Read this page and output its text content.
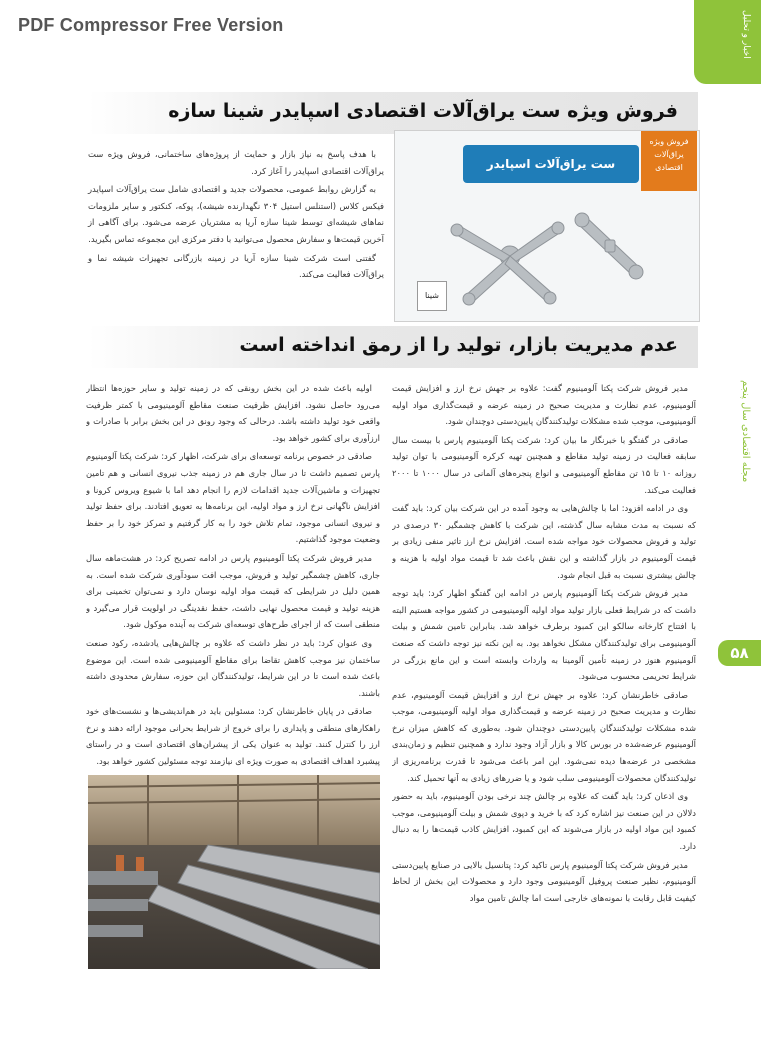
PDF Compressor Free Version	اخبار و تحلیل
مجله اقتصادی سال پنجم
۵۸
فروش ویژه ست یراق‌آلات اقتصادی اسپایدر شینا سازه

با هدف پاسخ به نیاز بازار و حمایت از پروژه‌های ساختمانی، فروش ویژه ست یراق‌آلات اقتصادی اسپایدر را آغاز کرد.

به گزارش روابط عمومی، محصولات جدید و اقتصادی شامل ست یراق‌آلات اسپایدر فیکس کلاس (استنلس استیل ۳۰۴ نگهدارنده شیشه)، پوکه، کنکتور و سایر ملزومات نماهای شیشه‌ای توسط شینا سازه آریا به مشتریان عرضه می‌شود. برای آگاهی از آخرین قیمت‌ها و سفارش محصول می‌توانید با دفتر مرکزی این مجموعه تماس بگیرید.

گفتنی است شرکت شینا سازه آریا در زمینه بازرگانی تجهیزات شیشه نما و یراق‌آلات فعالیت می‌کند.

ست یراق‌آلات اسپایدر
فروش ویژه یراق‌آلات اقتصادی
شینا
عدم مدیریت بازار، تولید را از رمق انداخته است

مدیر فروش شرکت پکتا آلومینیوم گفت: علاوه بر جهش نرخ ارز و افزایش قیمت آلومینیوم، عدم نظارت و مدیریت صحیح در زمینه عرضه و قیمت‌گذاری مواد اولیه آلومینیومی، موجب شده مشکلات تولیدکنندگان پایین‌دستی دوچندان شود.

صادقی در گفتگو با خبرنگار ما بیان کرد: شرکت پکتا آلومینیوم پارس با بیست سال سابقه فعالیت در زمینه تولید مقاطع و همچنین تهیه کرکره آلومینیومی با توان تولید روزانه ۱۰ تا ۱۵ تن مقاطع آلومینیومی و انواع پنجره‌های آلمانی در سال ۱۰۰۰ تا ۲۰۰۰ فعالیت می‌کند.

وی در ادامه افزود: اما با چالش‌هایی به وجود آمده در این شرکت بیان کرد: باید گفت که نسبت به مدت مشابه سال گذشته، این شرکت با کاهش چشمگیر ۳۰ درصدی در تولید و فروش محصولات خود مواجه شده است. افزایش نرخ ارز تاثیر منفی زیادی بر قیمت آلومینیوم در بازار گذاشته و این نقش باعث شد تا قیمت مواد اولیه با هزینه و چالش بیشتری نسبت به قبل انجام شود.

مدیر فروش شرکت پکتا آلومینیوم پارس در ادامه این گفتگو اظهار کرد: باید توجه داشت که در شرایط فعلی بازار تولید مواد اولیه آلومینیومی در کشور مواجه هستیم البته با افتتاح کارخانه سالکو این کمبود برطرف خواهد شد. بنابراین تامین شمش و بیلت آلومینیومی برای تولیدکنندگان مشکل نخواهد بود. به این نکته نیز توجه داشت که صنعت آلومینیوم هنوز در زمینه تأمین آلومینا به واردات وابسته است و این مانع بزرگی در شرایط تحریمی محسوب می‌شود.

صادقی خاطرنشان کرد: علاوه بر جهش نرخ ارز و افزایش قیمت آلومینیوم، عدم نظارت و مدیریت صحیح در زمینه عرضه و قیمت‌گذاری مواد اولیه آلومینیومی، موجب شده مشکلات تولیدکنندگان پایین‌دستی دوچندان شود. به‌طوری که کاهش میزان نرخ آلومینیوم عرضه‌شده در بورس کالا و بازار آزاد وجود ندارد و همچنین تنظیم و زمان‌بندی مشخصی در عرضه‌ها دیده نمی‌شود. این امر باعث می‌شود تا قدرت برنامه‌ریزی از تولیدکنندگان محصولات آلومینیومی سلب شود و یا ضررهای زیادی به آنها تحمیل کند.

وی اذعان کرد: باید گفت که علاوه بر چالش چند نرخی بودن آلومینیوم، باید به حضور دلالان در این صنعت نیز اشاره کرد که با خرید و دپوی شمش و بیلت آلومینیومی، موجب کمبود این مواد اولیه در بازار می‌شوند که این کمبود، افزایش کاذب قیمت‌ها را به دنبال دارد.

مدیر فروش شرکت پکتا آلومینیوم پارس تاکید کرد: پتانسیل بالایی در صنایع پایین‌دستی آلومینیوم، نظیر صنعت پروفیل آلومینیومی وجود دارد و محصولات این بخش از لحاظ کیفیت قابل رقابت با نمونه‌های خارجی است اما چالش تامین مواد

اولیه باعث شده در این بخش رونقی که در زمینه تولید و سایر حوزه‌ها انتظار می‌رود حاصل نشود. افزایش ظرفیت صنعت مقاطع آلومینیومی با کمتر ظرفیت واقعی خود تولید داشته باشد. درحالی که وجود رونق در این بخش برابر با صادرات و ارزآوری برای کشور خواهد بود.

صادقی در خصوص برنامه توسعه‌ای برای شرکت، اظهار کرد: شرکت پکتا آلومینیوم پارس تصمیم داشت تا در سال جاری هم در زمینه جذب نیروی انسانی و هم تامین تجهیزات و ماشین‌آلات جدید اقدامات لازم را انجام دهد اما با شیوع ویروس کرونا و افزایش ناگهانی نرخ ارز و مواد اولیه، این برنامه‌ها به تعویق افتادند. برای حفظ تولید و نیروی انسانی موجود، تمام تلاش خود را به کار گرفتیم و تمرکز خود را بر حفظ وضعیت موجود گذاشتیم.

مدیر فروش شرکت پکتا آلومینیوم پارس در ادامه تصریح کرد: در هشت‌ماهه سال جاری، کاهش چشمگیر تولید و فروش، موجب افت سودآوری شرکت شده است. به همین دلیل در شرایطی که قیمت مواد اولیه نوسان دارد و نمی‌توان تخمینی برای هزینه تولید و قیمت محصول نهایی داشت، حفظ نقدینگی در اولویت قرار می‌گیرد و منطقی است که از اجرای طرح‌های توسعه‌ای شرکت به آینده موکول شود.

وی عنوان کرد: باید در نظر داشت که علاوه بر چالش‌هایی یادشده، رکود صنعت ساختمان نیز موجب کاهش تقاضا برای مقاطع آلومینیومی شده است. این موضوع باعث شده است تا در این شرایط، تولیدکنندگان این حوزه، سفارش محدودی داشته باشند.

صادقی در پایان خاطرنشان کرد: مسئولین باید در هم‌اندیشی‌ها و نشست‌های خود راهکارهای منطقی و پایداری را برای خروج از شرایط بحرانی موجود ارائه دهند و نرخ ارز را کنترل کنند. تولید به عنوان یکی از پیشران‌های اقتصادی است و در راستای پیشبرد اهداف اقتصادی به صورت ویژه ای نیازمند توجه مسئولین کشور خواهد بود.
